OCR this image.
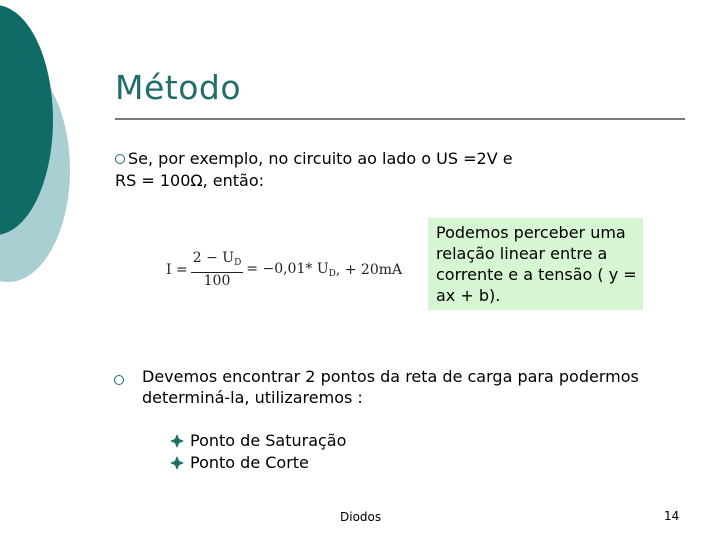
Método
Se, por exemplo, no circuito ao lado o US =2V e
RS = 100Ω, então:
$I = \frac{2 - U_D}{100} = -0,01*$ $U_D$ , + 20mA
Podemos perceber uma relação linear entre a corrente e a tensão ( y = ax + b).
Devemos encontrar 2 pontos da reta de carga para podermos determiná-la, utilizaremos :
Ponto de Saturação
Ponto de Corte
Diodos	14
